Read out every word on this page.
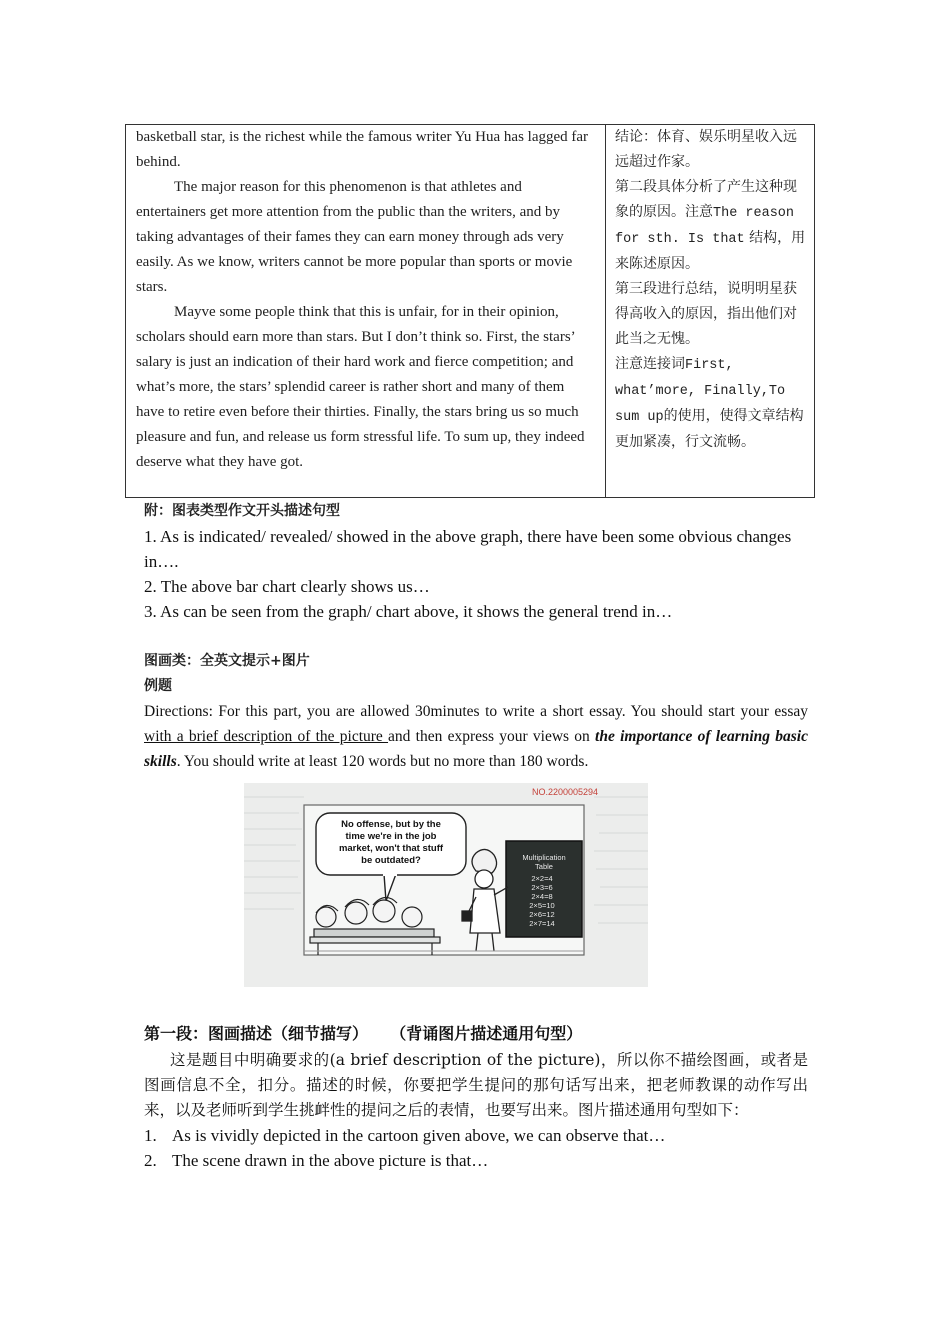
basketball star, is the richest while the famous writer Yu Hua has lagged far behind.

The major reason for this phenomenon is that athletes and entertainers get more attention from the public than the writers, and by taking advantages of their fames they can earn money through ads very easily. As we know, writers cannot be more popular than sports or movie stars.

Mayve some people think that this is unfair, for in their opinion, scholars should earn more than stars. But I don’t think so. First, the stars’ salary is just an indication of their hard work and fierce competition; and what’s more, the stars’ splendid career is rather short and many of them have to retire even before their thirties. Finally, the stars bring us so much pleasure and fun, and release us form stressful life. To sum up, they indeed deserve what they have got.

结论：体育、娱乐明星收入远远超过作家。

第二段具体分析了产生这种现象的原因。注意The reason for sth. Is that 结构，用来陈述原因。

第三段进行总结，说明明星获得高收入的原因，指出他们对此当之无愧。

注意连接词First, what’more, Finally,To sum up的使用，使得文章结构更加紧凑，行文流畅。

附：图表类型作文开头描述句型

1. As is indicated/ revealed/ showed in the above graph, there have been some obvious changes in….

2. The above bar chart clearly shows us…

3. As can be seen from the graph/ chart above, it shows the general trend in…

图画类：全英文提示+图片
例题

Directions: For this part, you are allowed 30minutes to write a short essay. You should start your essay with a brief description of the picture and then express your views on the importance of learning basic skills. You should write at least 120 words but no more than 180 words.

NO.2200005294
No offense, but by the
time we're in the job
market, won't that stuff
be outdated?	Multiplication
Table
2×2=4
2×3=6
2×4=8
2×5=10
2×6=12
2×7=14
第一段：图画描述（细节描写）    （背诵图片描述通用句型）

这是题目中明确要求的(a brief description of the picture)，所以你不描绘图画，或者是图画信息不全，扣分。描述的时候，你要把学生提问的那句话写出来，把老师教课的动作写出来，以及老师听到学生挑衅性的提问之后的表情，也要写出来。图片描述通用句型如下：

1. As is vividly depicted in the cartoon given above, we can observe that…
2. The scene drawn in the above picture is that…
